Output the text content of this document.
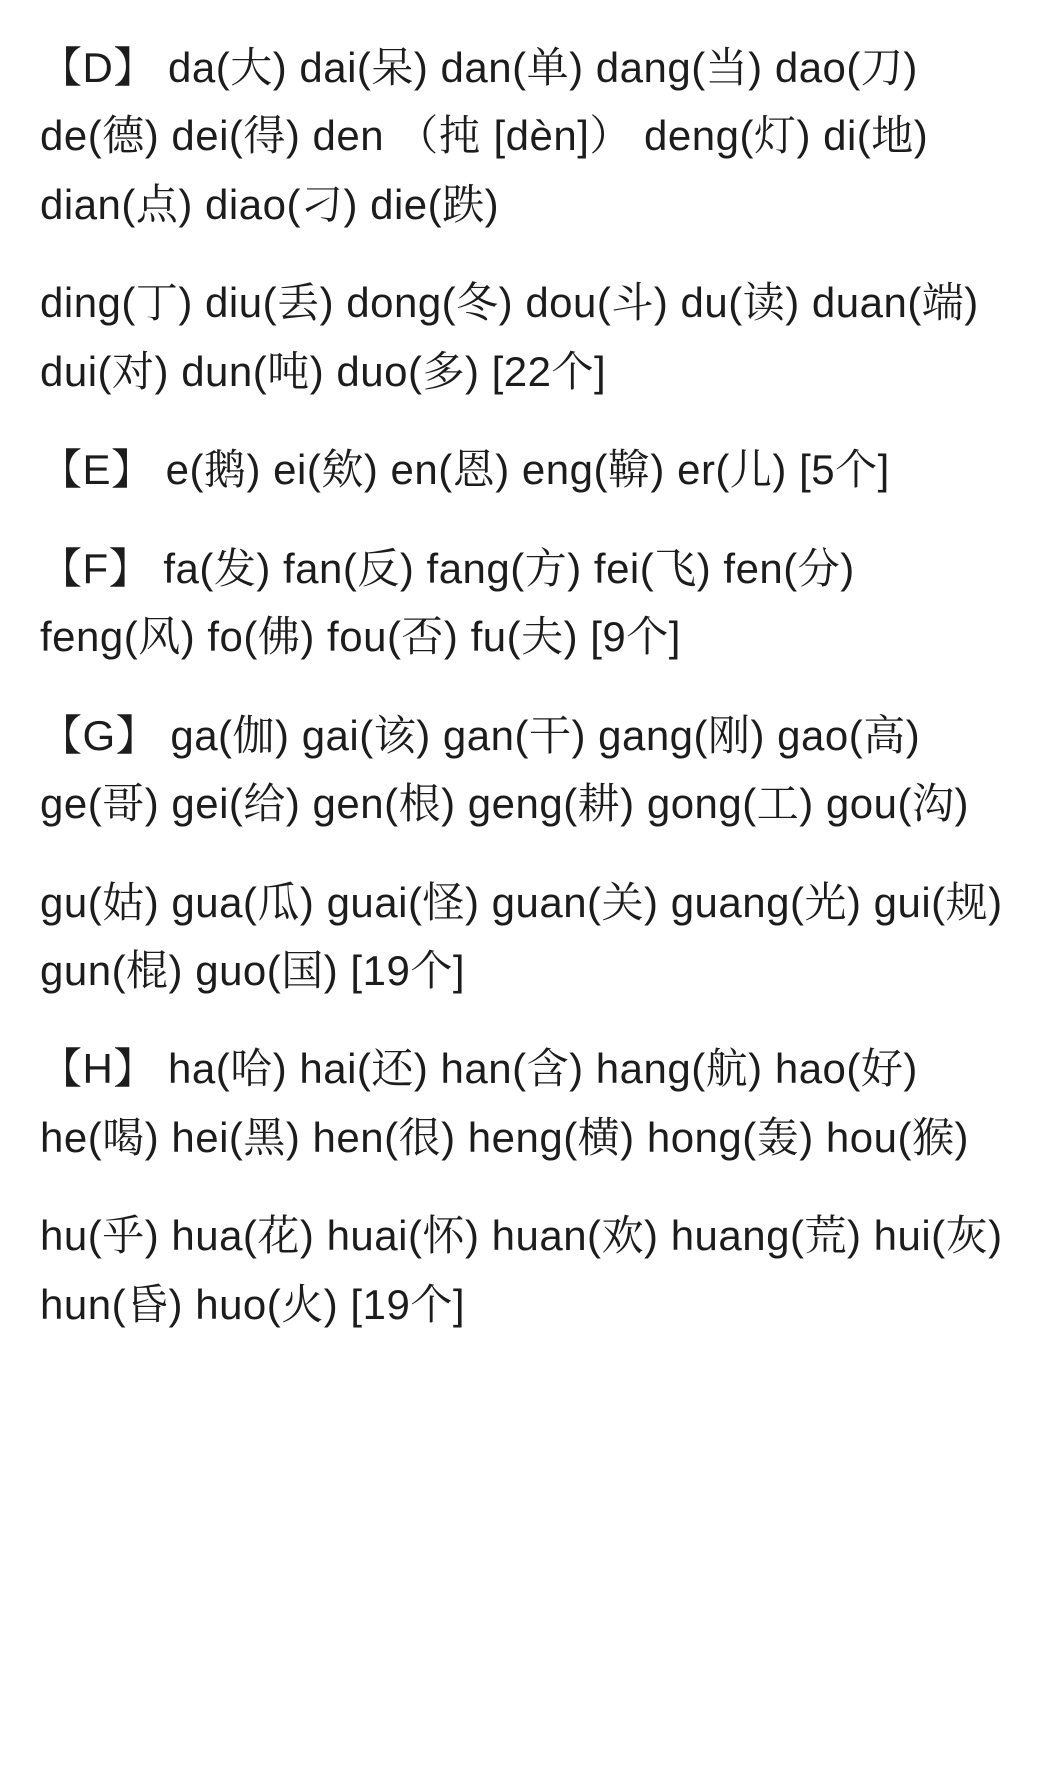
【D】 da(大) dai(呆) dan(单) dang(当) dao(刀) de(德) dei(得) den （扽 [dèn]） deng(灯) di(地) dian(点) diao(刁) die(跌)

ding(丁) diu(丢) dong(冬) dou(斗) du(读) duan(端) dui(对) dun(吨) duo(多) [22个]

【E】 e(鹅) ei(欸) en(恩) eng(鞥) er(儿) [5个]

【F】 fa(发) fan(反) fang(方) fei(飞) fen(分) feng(风) fo(佛) fou(否) fu(夫) [9个]

【G】 ga(伽) gai(该) gan(干) gang(刚) gao(高) ge(哥) gei(给) gen(根) geng(耕) gong(工) gou(沟)

gu(姑) gua(瓜) guai(怪) guan(关) guang(光) gui(规) gun(棍) guo(国) [19个]

【H】 ha(哈) hai(还) han(含) hang(航) hao(好) he(喝) hei(黑) hen(很) heng(横) hong(轰) hou(猴)

hu(乎) hua(花) huai(怀) huan(欢) huang(荒) hui(灰) hun(昏) huo(火) [19个]
